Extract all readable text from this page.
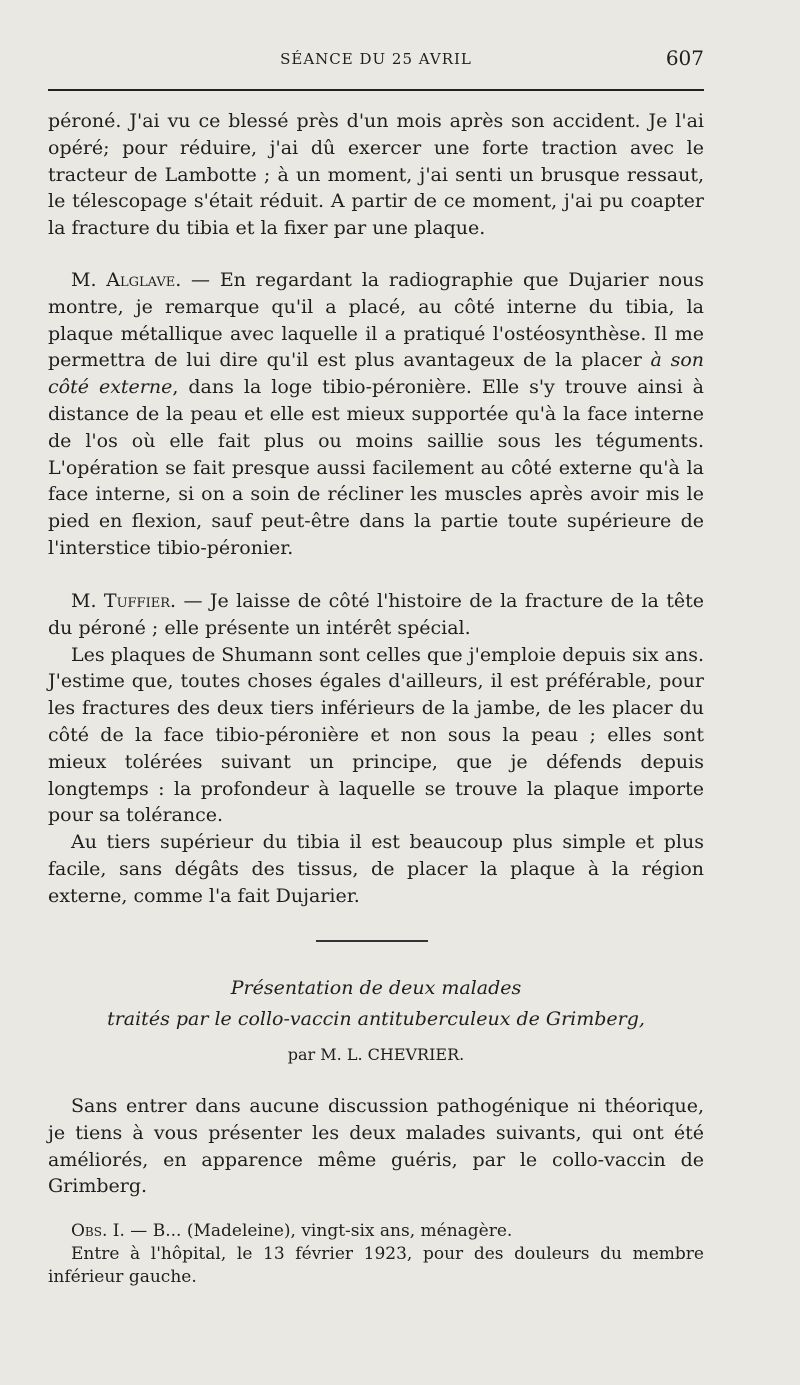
SÉANCE DU 25 AVRIL	607

péroné. J'ai vu ce blessé près d'un mois après son accident. Je l'ai opéré; pour réduire, j'ai dû exercer une forte traction avec le tracteur de Lambotte ; à un moment, j'ai senti un brusque ressaut, le télescopage s'était réduit. A partir de ce moment, j'ai pu coapter la fracture du tibia et la fixer par une plaque.

M. Alglave. — En regardant la radiographie que Dujarier nous montre, je remarque qu'il a placé, au côté interne du tibia, la plaque métallique avec laquelle il a pratiqué l'ostéosynthèse. Il me permettra de lui dire qu'il est plus avantageux de la placer à son côté externe, dans la loge tibio-péronière. Elle s'y trouve ainsi à distance de la peau et elle est mieux supportée qu'à la face interne de l'os où elle fait plus ou moins saillie sous les téguments. L'opération se fait presque aussi facilement au côté externe qu'à la face interne, si on a soin de récliner les muscles après avoir mis le pied en flexion, sauf peut-être dans la partie toute supérieure de l'interstice tibio-péronier.

M. Tuffier. — Je laisse de côté l'histoire de la fracture de la tête du péroné ; elle présente un intérêt spécial.

Les plaques de Shumann sont celles que j'emploie depuis six ans. J'estime que, toutes choses égales d'ailleurs, il est préférable, pour les fractures des deux tiers inférieurs de la jambe, de les placer du côté de la face tibio-péronière et non sous la peau ; elles sont mieux tolérées suivant un principe, que je défends depuis longtemps : la profondeur à laquelle se trouve la plaque importe pour sa tolérance.

Au tiers supérieur du tibia il est beaucoup plus simple et plus facile, sans dégâts des tissus, de placer la plaque à la région externe, comme l'a fait Dujarier.

Présentation de deux malades
traités par le collo-vaccin antituberculeux de Grimberg,
par M. L. CHEVRIER.

Sans entrer dans aucune discussion pathogénique ni théorique, je tiens à vous présenter les deux malades suivants, qui ont été améliorés, en apparence même guéris, par le collo-vaccin de Grimberg.

Obs. I. — B... (Madeleine), vingt-six ans, ménagère.

Entre à l'hôpital, le 13 février 1923, pour des douleurs du membre inférieur gauche.
